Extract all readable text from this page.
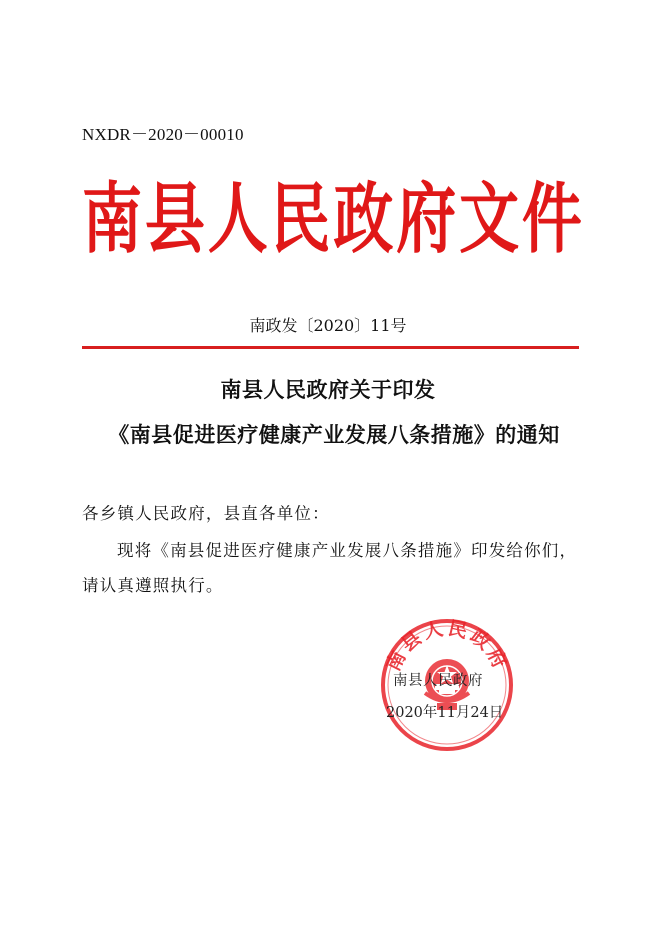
NXDR－2020－00010
南 县 人 民 政 府 文 件
南政发〔2020〕11号
南县人民政府关于印发
《南县促进医疗健康产业发展八条措施》的通知
各乡镇人民政府，县直各单位：
现将《南县促进医疗健康产业发展八条措施》印发给你们，
请认真遵照执行。
南县人民政府
南县人民政府
2020年11月24日
